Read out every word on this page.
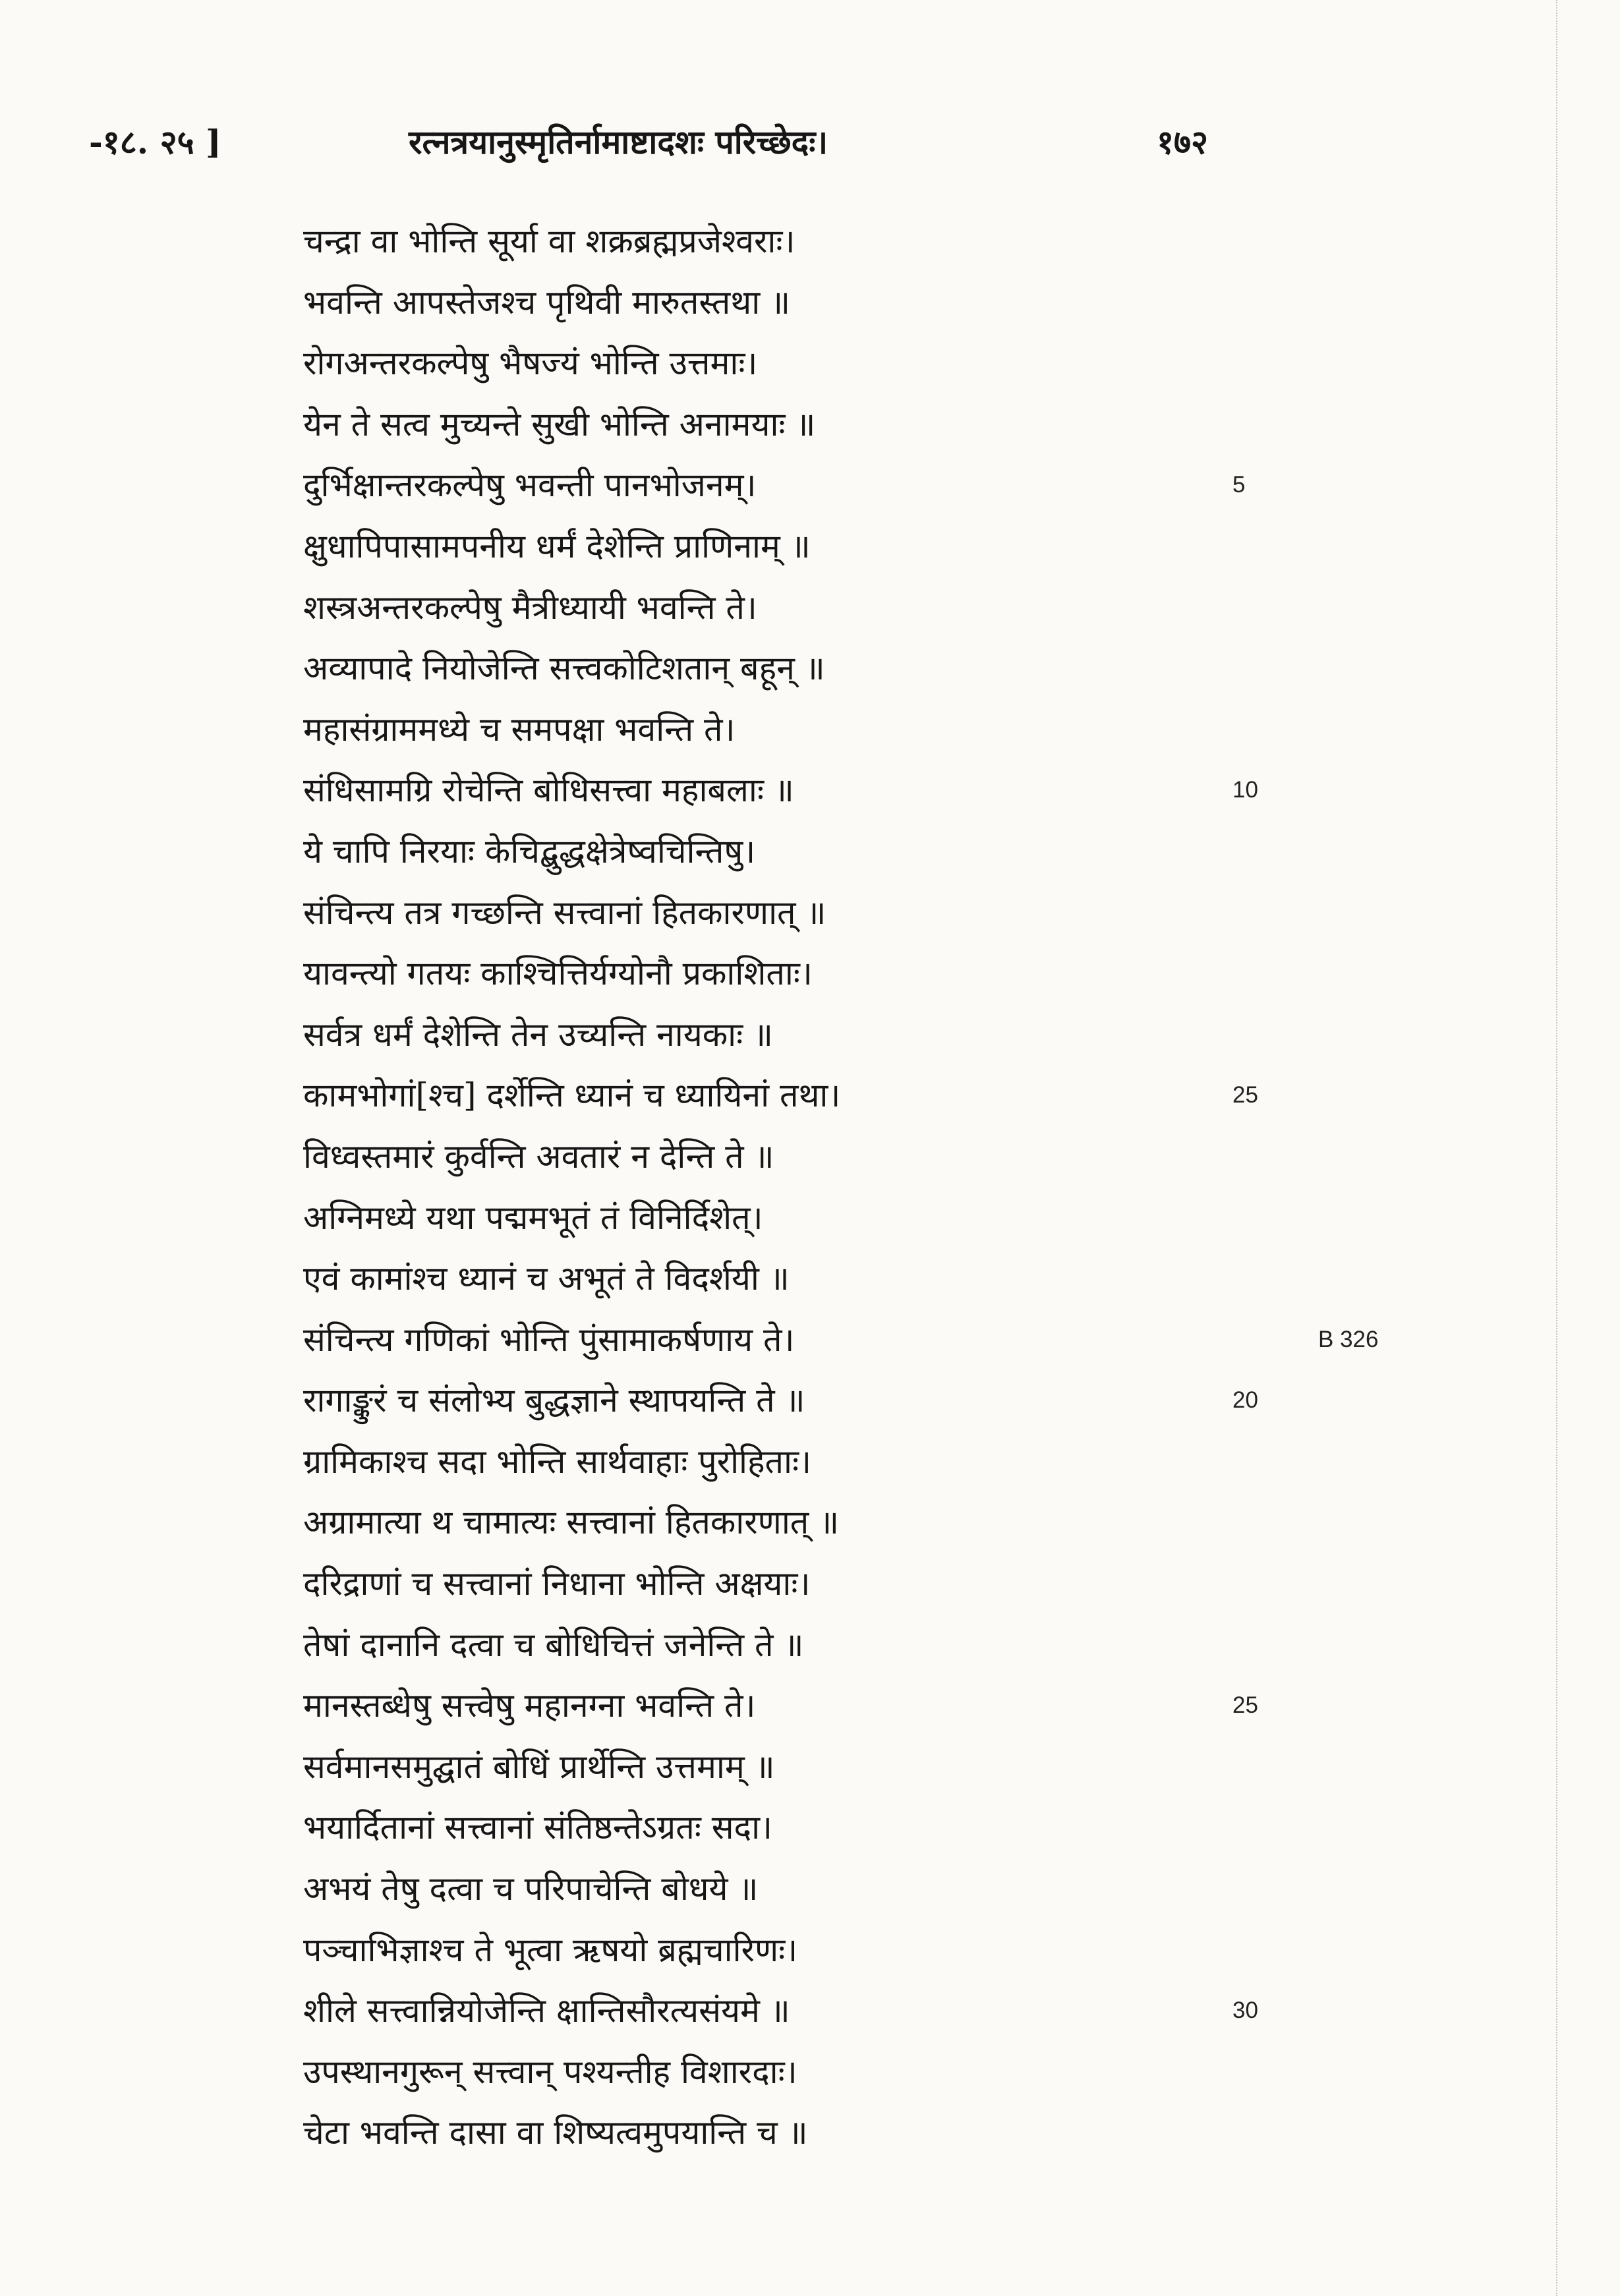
-१८. २५ ]	रत्नत्रयानुस्मृतिर्नामाष्टादशः परिच्छेदः।	१७२
चन्द्रा वा भोन्ति सूर्या वा शक्रब्रह्मप्रजेश्वराः।
भवन्ति आपस्तेजश्च पृथिवी मारुतस्तथा ॥
रोगअन्तरकल्पेषु भैषज्यं भोन्ति उत्तमाः।
येन ते सत्व मुच्यन्ते सुखी भोन्ति अनामयाः ॥
दुर्भिक्षान्तरकल्पेषु भवन्ती पानभोजनम्।
क्षुधापिपासामपनीय धर्मं देशेन्ति प्राणिनाम् ॥
शस्त्रअन्तरकल्पेषु मैत्रीध्यायी भवन्ति ते।
अव्यापादे नियोजेन्ति सत्त्वकोटिशतान् बहून् ॥
महासंग्राममध्ये च समपक्षा भवन्ति ते।
संधिसामग्रि रोचेन्ति बोधिसत्त्वा महाबलाः ॥
ये चापि निरयाः केचिद्बुद्धक्षेत्रेष्वचिन्तिषु।
संचिन्त्य तत्र गच्छन्ति सत्त्वानां हितकारणात् ॥
यावन्त्यो गतयः काश्चित्तिर्यग्योनौ प्रकाशिताः।
सर्वत्र धर्मं देशेन्ति तेन उच्यन्ति नायकाः ॥
कामभोगां[श्च] दर्शेन्ति ध्यानं च ध्यायिनां तथा।
विध्वस्तमारं कुर्वन्ति अवतारं न देन्ति ते ॥
अग्निमध्ये यथा पद्ममभूतं तं विनिर्दिशेत्।
एवं कामांश्च ध्यानं च अभूतं ते विदर्शयी ॥
संचिन्त्य गणिकां भोन्ति पुंसामाकर्षणाय ते।
रागाङ्कुरं च संलोभ्य बुद्धज्ञाने स्थापयन्ति ते ॥
ग्रामिकाश्च सदा भोन्ति सार्थवाहाः पुरोहिताः।
अग्रामात्या थ चामात्यः सत्त्वानां हितकारणात् ॥
दरिद्राणां च सत्त्वानां निधाना भोन्ति अक्षयाः।
तेषां दानानि दत्वा च बोधिचित्तं जनेन्ति ते ॥
मानस्तब्धेषु सत्त्वेषु महानग्ना भवन्ति ते।
सर्वमानसमुद्घातं बोधिं प्रार्थेन्ति उत्तमाम् ॥
भयार्दितानां सत्त्वानां संतिष्ठन्तेऽग्रतः सदा।
अभयं तेषु दत्वा च परिपाचेन्ति बोधये ॥
पञ्चाभिज्ञाश्च ते भूत्वा ऋषयो ब्रह्मचारिणः।
शीले सत्त्वान्नियोजेन्ति क्षान्तिसौरत्यसंयमे ॥
उपस्थानगुरून् सत्त्वान् पश्यन्तीह विशारदाः।
चेटा भवन्ति दासा वा शिष्यत्वमुपयान्ति च ॥
5
10
25
20
25
30
B 326
